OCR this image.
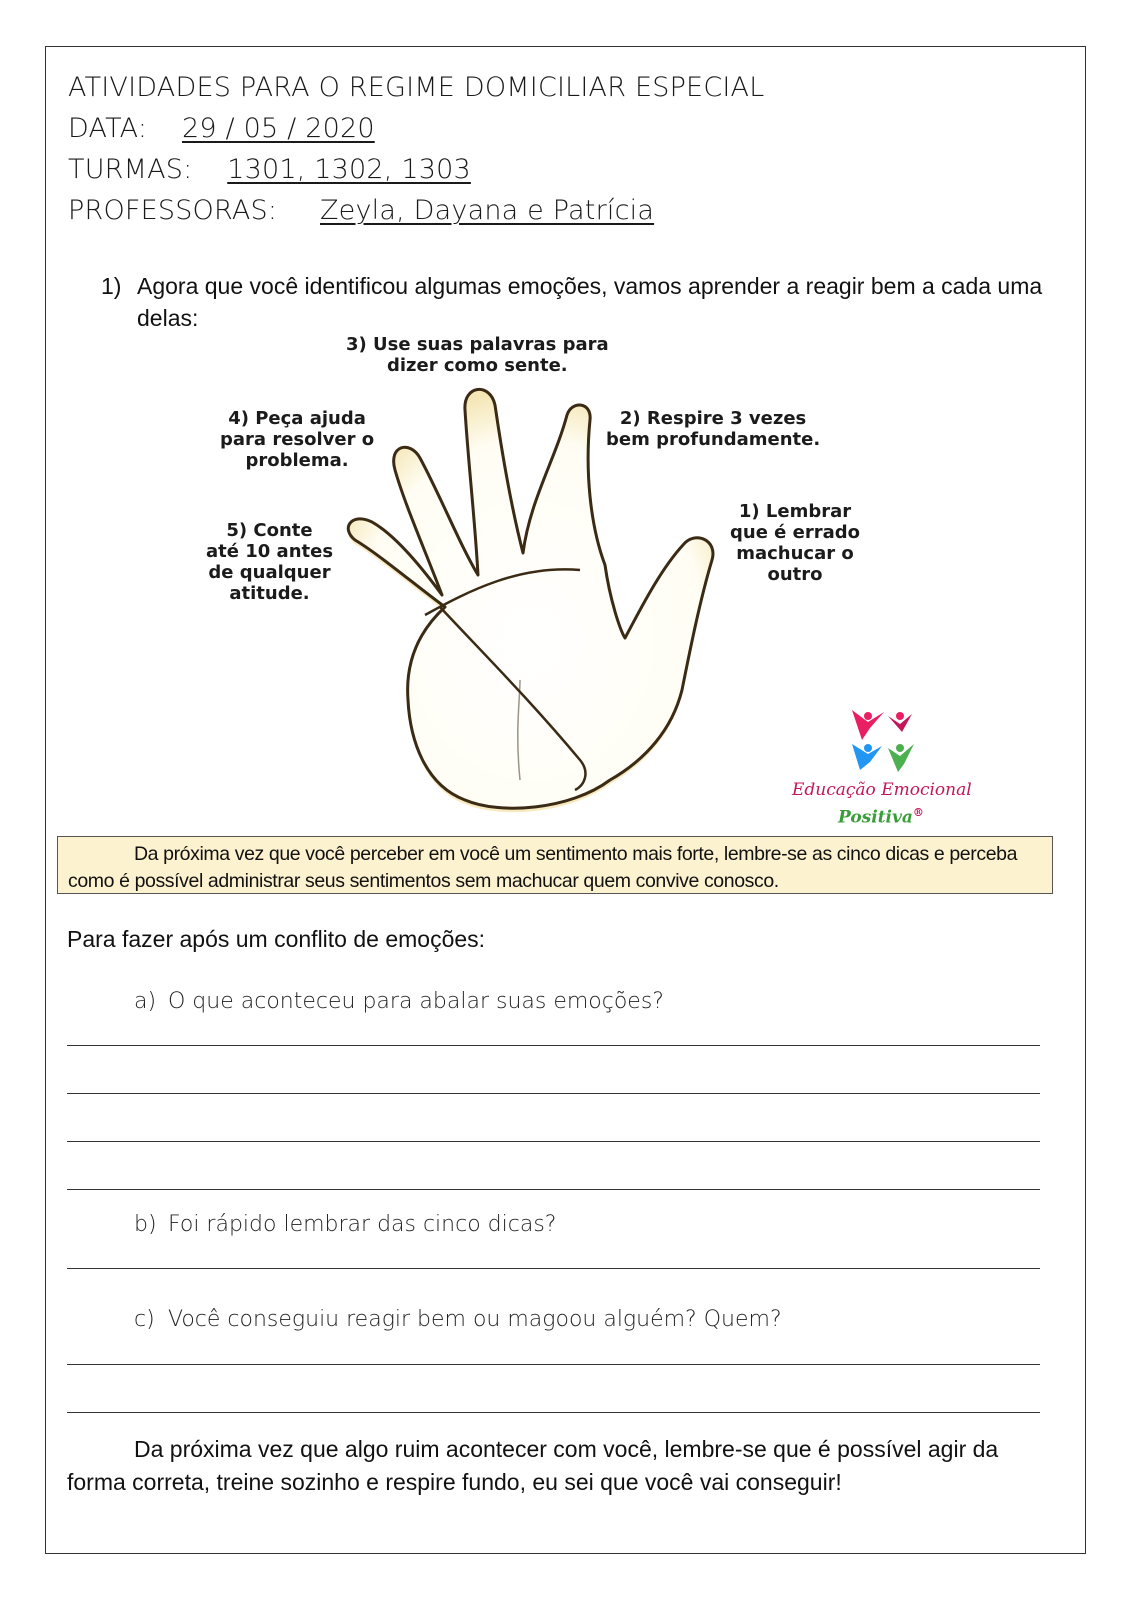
ATIVIDADES PARA O REGIME DOMICILIAR ESPECIAL
DATA: 29 / 05 / 2020
TURMAS: 1301, 1302, 1303
PROFESSORAS: Zeyla, Dayana e Patrícia
1) Agora que você identificou algumas emoções, vamos aprender a reagir bem a cada uma delas:
3) Use suas palavras para
dizer como sente.
4) Peça ajuda
para resolver o
problema.
2) Respire 3 vezes
bem profundamente.
1) Lembrar
que é errado
machucar o
outro
5) Conte
até 10 antes
de qualquer
atitude.
Educação Emocional
Positiva®
Da próxima vez que você perceber em você um sentimento mais forte, lembre-se as cinco dicas e perceba como é possível administrar seus sentimentos sem machucar quem convive conosco.
Para fazer após um conflito de emoções:
a) O que aconteceu para abalar suas emoções?
b) Foi rápido lembrar das cinco dicas?
c) Você conseguiu reagir bem ou magoou alguém? Quem?
Da próxima vez que algo ruim acontecer com você, lembre-se que é possível agir da forma correta, treine sozinho e respire fundo, eu sei que você vai conseguir!
